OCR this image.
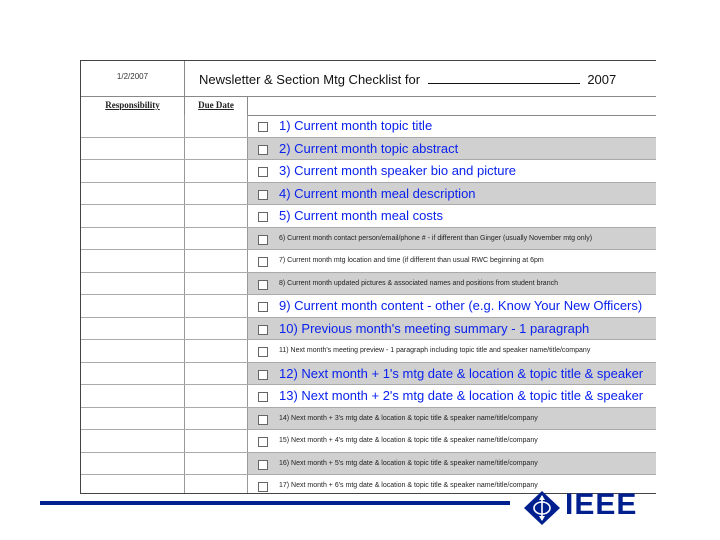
1/2/2007	Newsletter & Section Mtg Checklist for	2007
Responsibility	Due Date
1) Current month topic title
2) Current month topic abstract
3) Current month speaker bio and picture
4) Current month meal description
5) Current month meal costs
6) Current month contact person/email/phone # - if different than Ginger (usually November mtg only)
7) Current month mtg location and time (if different than usual RWC beginning at 6pm
8) Current month updated pictures & associated names and positions from student branch
9) Current month content - other (e.g. Know Your New Officers)
10) Previous month's meeting summary - 1 paragraph
11) Next month's meeting preview - 1 paragraph including topic title and speaker name/title/company
12) Next month + 1's mtg date & location & topic title & speaker
13) Next month + 2's mtg date & location & topic title & speaker
14) Next month + 3's mtg date & location & topic title & speaker name/title/company
15) Next month + 4's mtg date & location & topic title & speaker name/title/company
16) Next month + 5's mtg date & location & topic title & speaker name/title/company
17) Next month + 6's mtg date & location & topic title & speaker name/title/company
IEEE
